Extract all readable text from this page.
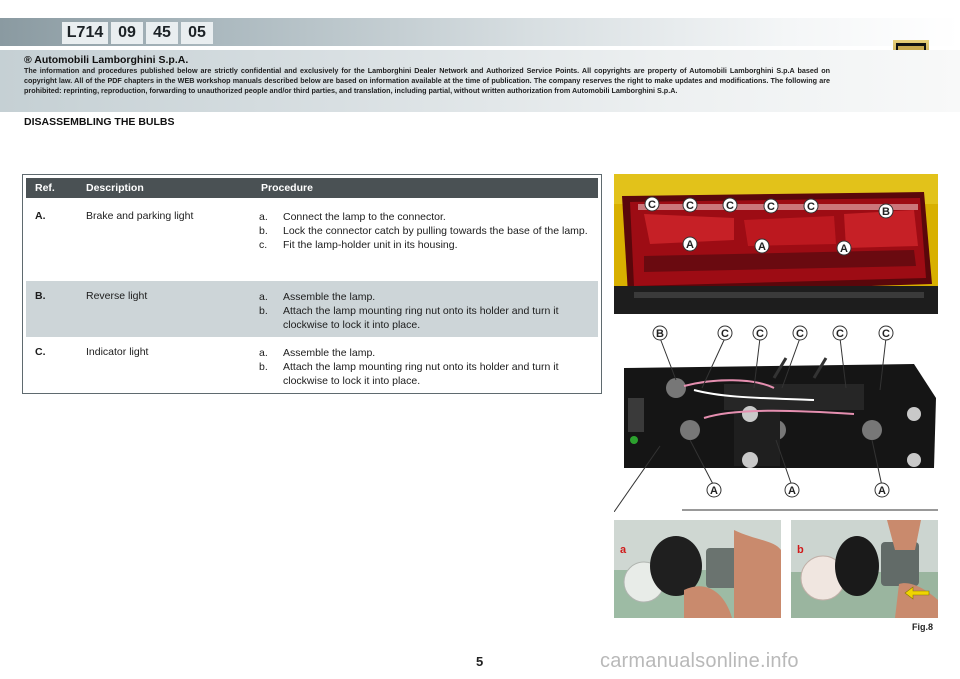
L714 09	45	05
® Automobili Lamborghini S.p.A.
The information and procedures published below are strictly confidential and exclusively for the Lamborghini Dealer Network and Authorized Service Points. All copyrights are property of Automobili Lamborghini S.p.A based on copyright law. All of the PDF chapters in the WEB workshop manuals described below are based on information available at the time of publication. The company reserves the right to make updates and modifications. The following are prohibited: reprinting, reproduction, forwarding to unauthorized people and/or third parties, and translation, including partial, without written authorization from Automobili Lamborghini S.p.A.
DISASSEMBLING THE BULBS
Ref.	Description	Procedure
A.	Brake and parking light	a. Connect the lamp to the connector.
b. Lock the connector catch by pulling towards the base of the lamp.
c. Fit the lamp-holder unit in its housing.
B.	Reverse light	a. Assemble the lamp.
b. Attach the lamp mounting ring nut onto its holder and turn it clockwise to lock it into place.
C.	Indicator light	a. Assemble the lamp.
b. Attach the lamp mounting ring nut onto its holder and turn it clockwise to lock it into place.
C	C	C	C	C	B
A	A	A
B	C C	C	C	C
A	A	A
a	b
Fig.8
5	carmanualsonline.info
